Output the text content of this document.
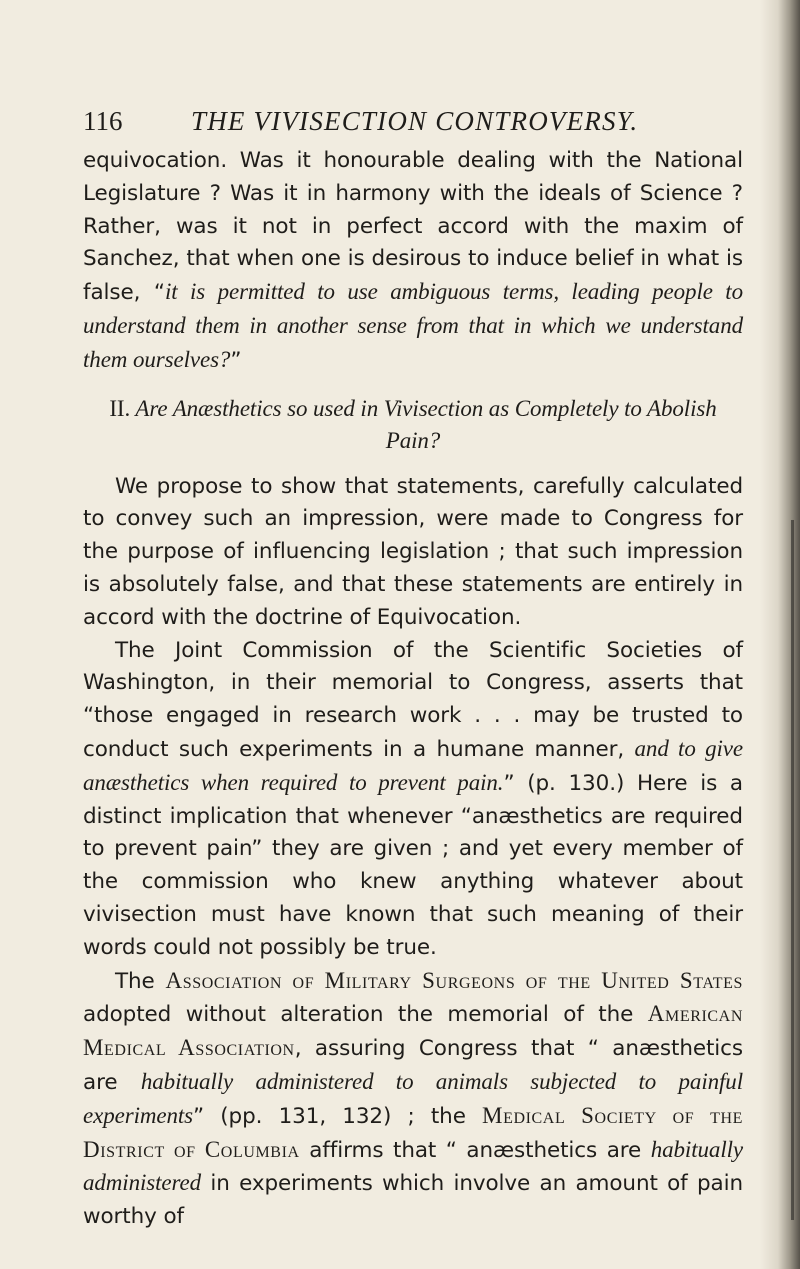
116	THE VIVISECTION CONTROVERSY.

equivocation. Was it honourable dealing with the National Legislature ? Was it in harmony with the ideals of Science ? Rather, was it not in perfect accord with the maxim of Sanchez, that when one is desirous to induce belief in what is false, “it is permitted to use ambiguous terms, leading people to understand them in another sense from that in which we understand them ourselves?”

II. Are Anæsthetics so used in Vivisection as Completely to Abolish Pain?

We propose to show that statements, carefully calculated to convey such an impression, were made to Congress for the purpose of influencing legislation ; that such impression is absolutely false, and that these statements are entirely in accord with the doctrine of Equivocation.

The Joint Commission of the Scientific Societies of Washington, in their memorial to Congress, asserts that “those engaged in research work . . . may be trusted to conduct such experiments in a humane manner, and to give anæsthetics when required to prevent pain.” (p. 130.) Here is a distinct implication that whenever “anæsthetics are required to prevent pain” they are given ; and yet every member of the commission who knew anything whatever about vivisection must have known that such meaning of their words could not possibly be true.

The Association of Military Surgeons of the United States adopted without alteration the memorial of the American Medical Association, assuring Congress that “ anæsthetics are habitually administered to animals subjected to painful experiments” (pp. 131, 132) ; the Medical Society of the District of Columbia affirms that “ anæsthetics are habitually administered in experiments which involve an amount of pain worthy of
